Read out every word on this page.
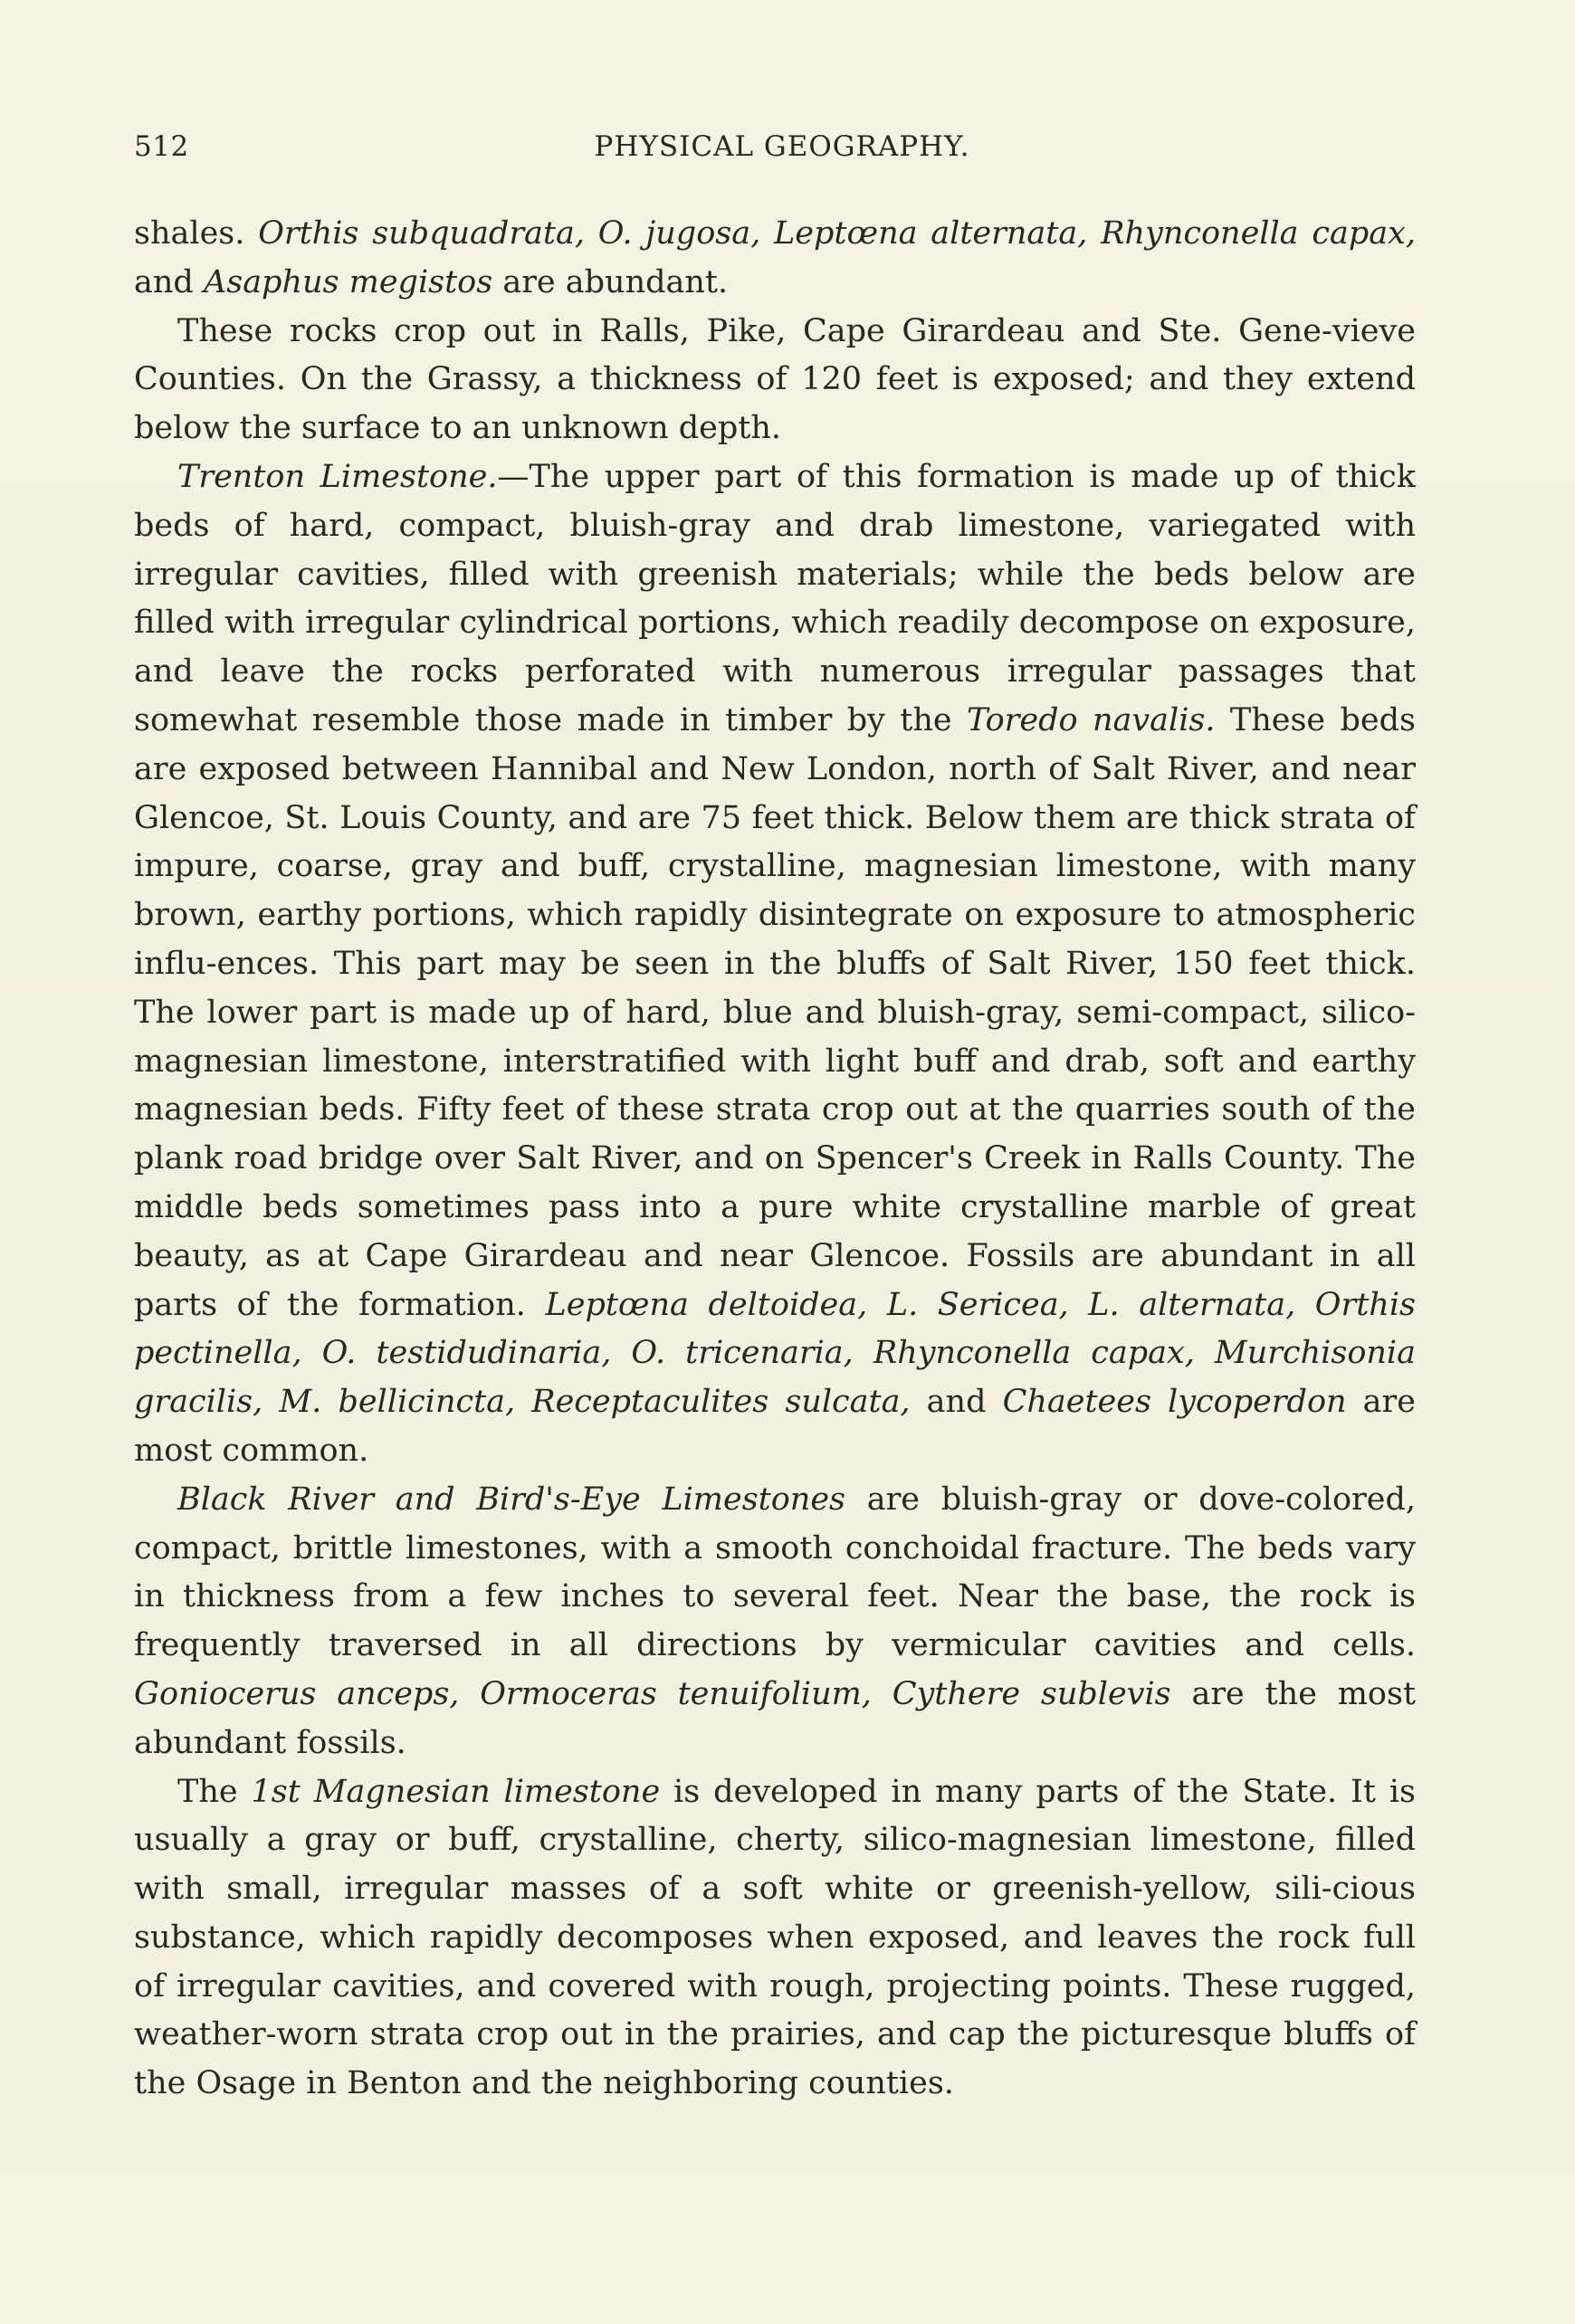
512	PHYSICAL GEOGRAPHY.

shales. Orthis subquadrata, O. jugosa, Leptœna alternata, Rhynconella capax, and Asaphus megistos are abundant.

These rocks crop out in Ralls, Pike, Cape Girardeau and Ste. Gene-vieve Counties. On the Grassy, a thickness of 120 feet is exposed; and they extend below the surface to an unknown depth.

Trenton Limestone.—The upper part of this formation is made up of thick beds of hard, compact, bluish-gray and drab limestone, variegated with irregular cavities, filled with greenish materials; while the beds below are filled with irregular cylindrical portions, which readily decompose on exposure, and leave the rocks perforated with numerous irregular passages that somewhat resemble those made in timber by the Toredo navalis. These beds are exposed between Hannibal and New London, north of Salt River, and near Glencoe, St. Louis County, and are 75 feet thick. Below them are thick strata of impure, coarse, gray and buff, crystalline, magnesian limestone, with many brown, earthy portions, which rapidly disintegrate on exposure to atmospheric influ-ences. This part may be seen in the bluffs of Salt River, 150 feet thick. The lower part is made up of hard, blue and bluish-gray, semi-compact, silico-magnesian limestone, interstratified with light buff and drab, soft and earthy magnesian beds. Fifty feet of these strata crop out at the quarries south of the plank road bridge over Salt River, and on Spencer's Creek in Ralls County. The middle beds sometimes pass into a pure white crystalline marble of great beauty, as at Cape Girardeau and near Glencoe. Fossils are abundant in all parts of the formation. Leptœna deltoidea, L. Sericea, L. alternata, Orthis pectinella, O. testidudinaria, O. tricenaria, Rhynconella capax, Murchisonia gracilis, M. bellicincta, Receptaculites sulcata, and Chaetees lycoperdon are most common.

Black River and Bird's-Eye Limestones are bluish-gray or dove-colored, compact, brittle limestones, with a smooth conchoidal fracture. The beds vary in thickness from a few inches to several feet. Near the base, the rock is frequently traversed in all directions by vermicular cavities and cells. Goniocerus anceps, Ormoceras tenuifolium, Cythere sublevis are the most abundant fossils.

The 1st Magnesian limestone is developed in many parts of the State. It is usually a gray or buff, crystalline, cherty, silico-magnesian limestone, filled with small, irregular masses of a soft white or greenish-yellow, sili-cious substance, which rapidly decomposes when exposed, and leaves the rock full of irregular cavities, and covered with rough, projecting points. These rugged, weather-worn strata crop out in the prairies, and cap the picturesque bluffs of the Osage in Benton and the neighboring counties.
